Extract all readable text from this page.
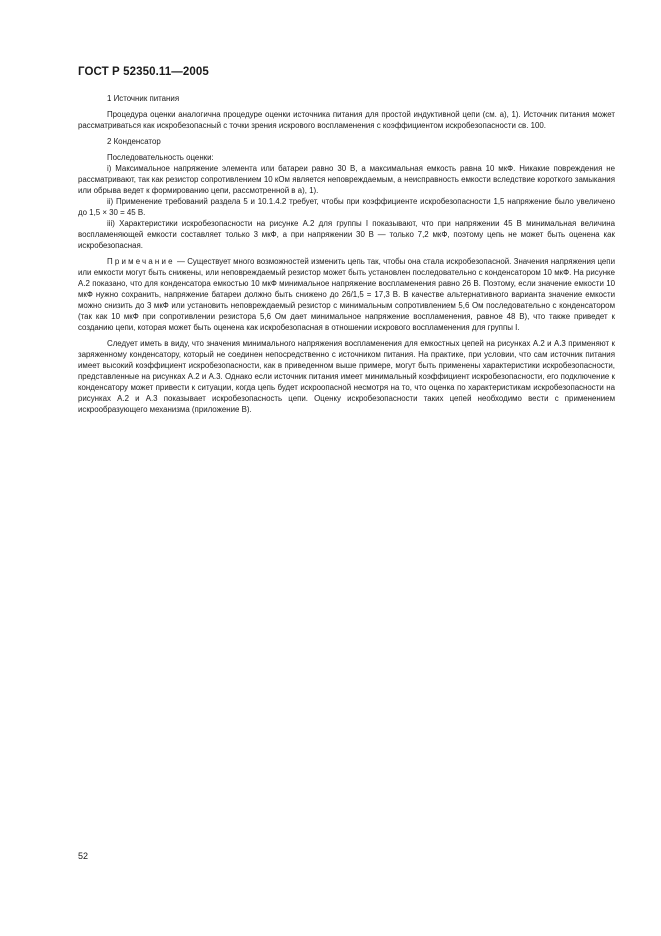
ГОСТ Р 52350.11—2005

1 Источник питания

Процедура оценки аналогична процедуре оценки источника питания для простой индуктивной цепи (см. а), 1). Источник питания может рассматриваться как искробезопасный с точки зрения искрового воспламенения с коэффициентом искробезопасности св. 100.

2 Конденсатор

Последовательность оценки:

i) Максимальное напряжение элемента или батареи равно 30 В, а максимальная емкость равна 10 мкФ. Никакие повреждения не рассматривают, так как резистор сопротивлением 10 кОм является неповреждаемым, а неисправность емкости вследствие короткого замыкания или обрыва ведет к формированию цепи, рассмотренной в а), 1).

ii) Применение требований раздела 5 и 10.1.4.2 требует, чтобы при коэффициенте искробезопасности 1,5 напряжение было увеличено до 1,5 × 30 = 45 В.

iii) Характеристики искробезопасности на рисунке А.2 для группы I показывают, что при напряжении 45 В минимальная величина воспламеняющей емкости составляет только 3 мкФ, а при напряжении 30 В — только 7,2 мкФ, поэтому цепь не может быть оценена как искробезопасная.

Примечание — Существует много возможностей изменить цепь так, чтобы она стала искробезопасной. Значения напряжения цепи или емкости могут быть снижены, или неповреждаемый резистор может быть установлен последовательно с конденсатором 10 мкФ. На рисунке А.2 показано, что для конденсатора емкостью 10 мкФ минимальное напряжение воспламенения равно 26 В. Поэтому, если значение емкости 10 мкФ нужно сохранить, напряжение батареи должно быть снижено до 26/1,5 = 17,3 В. В качестве альтернативного варианта значение емкости можно снизить до 3 мкФ или установить неповреждаемый резистор с минимальным сопротивлением 5,6 Ом последовательно с конденсатором (так как 10 мкФ при сопротивлении резистора 5,6 Ом дает минимальное напряжение воспламенения, равное 48 В), что также приведет к созданию цепи, которая может быть оценена как искробезопасная в отношении искрового воспламенения для группы I.

Следует иметь в виду, что значения минимального напряжения воспламенения для емкостных цепей на рисунках А.2 и А.3 применяют к заряженному конденсатору, который не соединен непосредственно с источником питания. На практике, при условии, что сам источник питания имеет высокий коэффициент искробезопасности, как в приведенном выше примере, могут быть применены характеристики искробезопасности, представленные на рисунках А.2 и А.3. Однако если источник питания имеет минимальный коэффициент искробезопасности, его подключение к конденсатору может привести к ситуации, когда цепь будет искроопасной несмотря на то, что оценка по характеристикам искробезопасности на рисунках А.2 и А.3 показывает искробезопасность цепи. Оценку искробезопасности таких цепей необходимо вести с применением искрообразующего механизма (приложение В).

52
